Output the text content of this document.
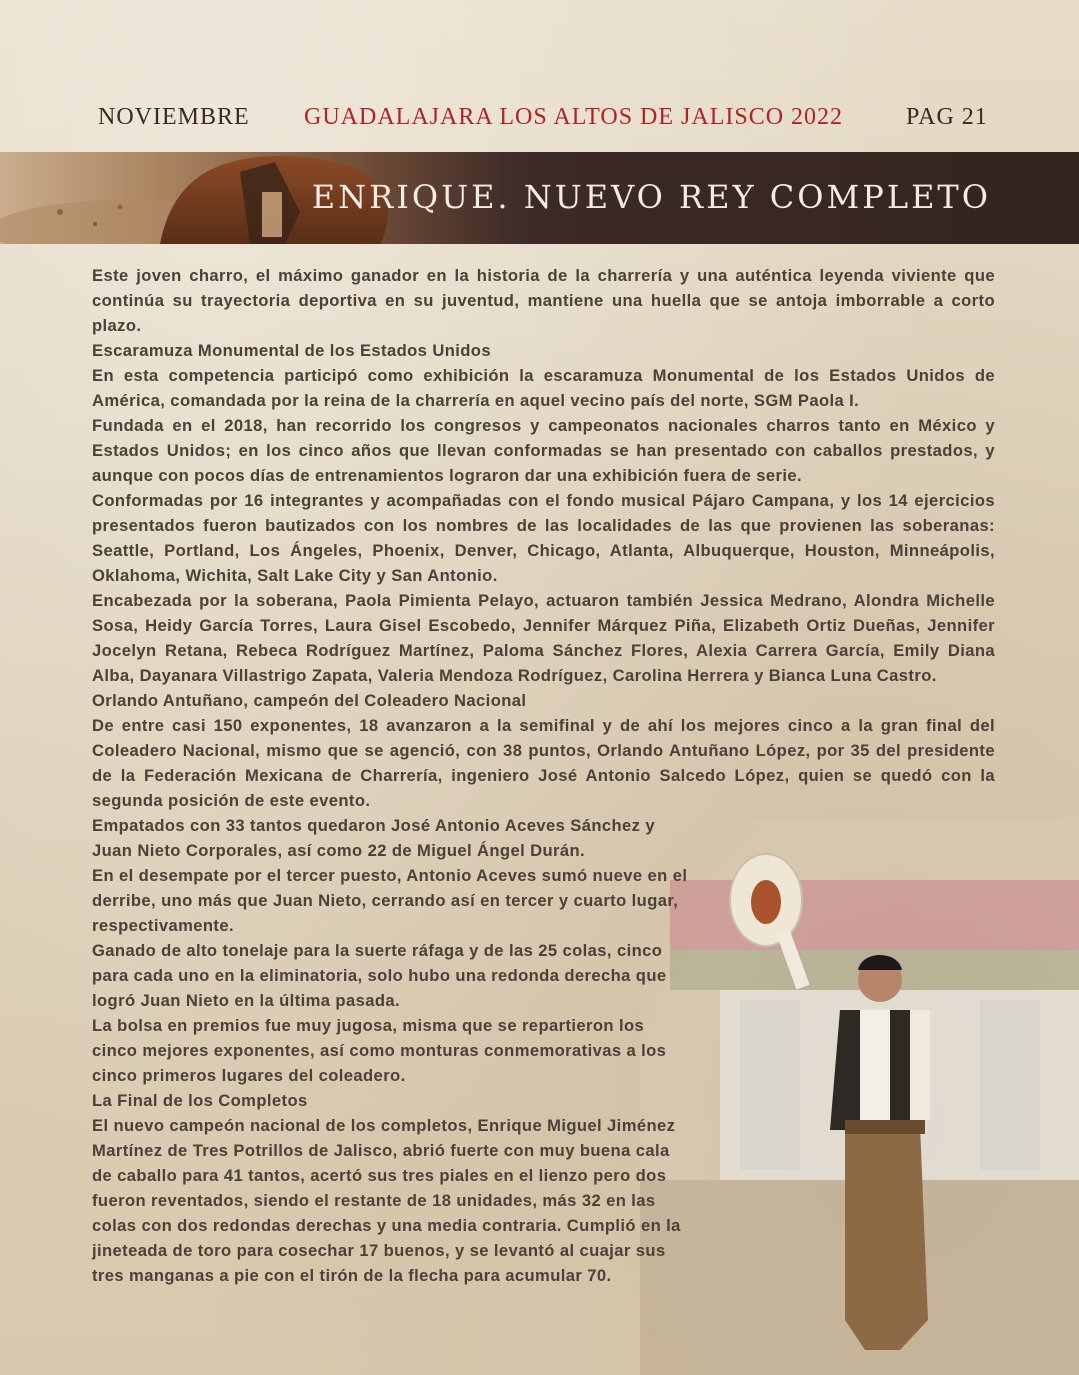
NOVIEMBRE GUADALAJARA LOS ALTOS DE JALISCO 2022	PAG 21
ENRIQUE. NUEVO REY COMPLETO

Este joven charro, el máximo ganador en la historia de la charrería y una auténtica leyenda viviente que continúa su trayectoria deportiva en su juventud, mantiene una huella que se antoja imborrable a corto plazo.

Escaramuza Monumental de los Estados Unidos

En esta competencia participó como exhibición la escaramuza Monumental de los Estados Unidos de América, comandada por la reina de la charrería en aquel vecino país del norte, SGM Paola I.

Fundada en el 2018, han recorrido los congresos y campeonatos nacionales charros tanto en México y Estados Unidos; en los cinco años que llevan conformadas se han presentado con caballos prestados, y aunque con pocos días de entrenamientos lograron dar una exhibición fuera de serie.

Conformadas por 16 integrantes y acompañadas con el fondo musical Pájaro Campana, y los 14 ejercicios presentados fueron bautizados con los nombres de las localidades de las que provienen las soberanas: Seattle, Portland, Los Ángeles, Phoenix, Denver, Chicago, Atlanta, Albuquerque, Houston, Minneápolis, Oklahoma, Wichita, Salt Lake City y San Antonio.

Encabezada por la soberana, Paola Pimienta Pelayo, actuaron también Jessica Medrano, Alondra Michelle Sosa, Heidy García Torres, Laura Gisel Escobedo, Jennifer Márquez Piña, Elizabeth Ortiz Dueñas, Jennifer Jocelyn Retana, Rebeca Rodríguez Martínez, Paloma Sánchez Flores, Alexia Carrera García, Emily Diana Alba, Dayanara Villastrigo Zapata, Valeria Mendoza Rodríguez, Carolina Herrera y Bianca Luna Castro.

Orlando Antuñano, campeón del Coleadero Nacional

De entre casi 150 exponentes, 18 avanzaron a la semifinal y de ahí los mejores cinco a la gran final del Coleadero Nacional, mismo que se agenció, con 38 puntos, Orlando Antuñano López, por 35 del presidente de la Federación Mexicana de Charrería, ingeniero José Antonio Salcedo López, quien se quedó con la segunda posición de este evento.

Empatados con 33 tantos quedaron José Antonio Aceves Sánchez y Juan Nieto Corporales, así como 22 de Miguel Ángel Durán.

En el desempate por el tercer puesto, Antonio Aceves sumó nueve en el derribe, uno más que Juan Nieto, cerrando así en tercer y cuarto lugar, respectivamente.

Ganado de alto tonelaje para la suerte ráfaga y de las 25 colas, cinco para cada uno en la eliminatoria, solo hubo una redonda derecha que logró Juan Nieto en la última pasada.

La bolsa en premios fue muy jugosa, misma que se repartieron los cinco mejores exponentes, así como monturas conmemorativas a los cinco primeros lugares del coleadero.

La Final de los Completos

El nuevo campeón nacional de los completos, Enrique Miguel Jiménez Martínez de Tres Potrillos de Jalisco, abrió fuerte con muy buena cala de caballo para 41 tantos, acertó sus tres piales en el lienzo pero dos fueron reventados, siendo el restante de 18 unidades, más 32 en las colas con dos redondas derechas y una media contraria. Cumplió en la jineteada de toro para cosechar 17 buenos, y se levantó al cuajar sus tres manganas a pie con el tirón de la flecha para acumular 70.
